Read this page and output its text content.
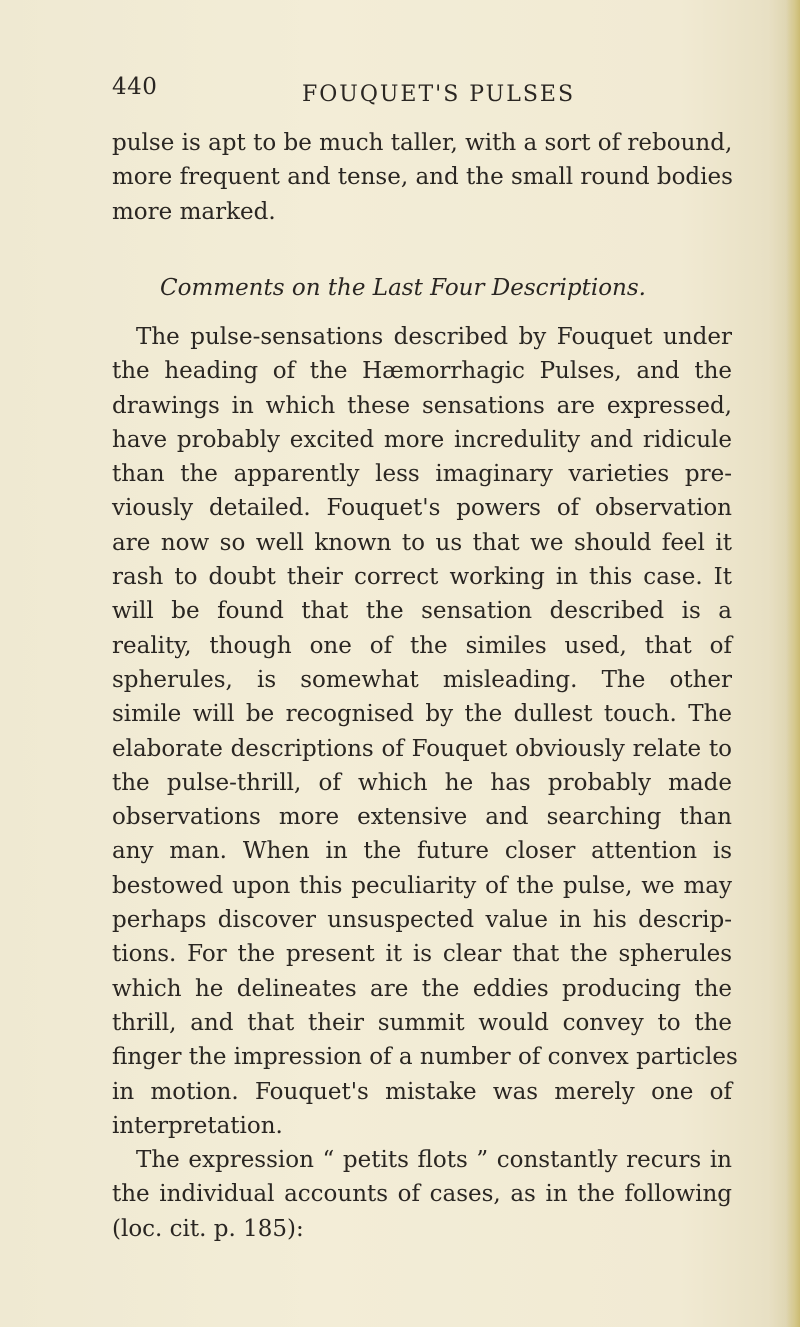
440	FOUQUET'S PULSES
pulse is apt to be much taller, with a sort of rebound,
more frequent and tense, and the small round bodies
more marked.
Comments on the Last Four Descriptions.
The pulse-sensations described by Fouquet under
the heading of the Hæmorrhagic Pulses, and the
drawings in which these sensations are expressed,
have probably excited more incredulity and ridicule
than the apparently less imaginary varieties pre-
viously detailed. Fouquet's powers of observation
are now so well known to us that we should feel it
rash to doubt their correct working in this case. It
will be found that the sensation described is a
reality, though one of the similes used, that of
spherules, is somewhat misleading. The other
simile will be recognised by the dullest touch. The
elaborate descriptions of Fouquet obviously relate to
the pulse-thrill, of which he has probably made
observations more extensive and searching than
any man. When in the future closer attention is
bestowed upon this peculiarity of the pulse, we may
perhaps discover unsuspected value in his descrip-
tions. For the present it is clear that the spherules
which he delineates are the eddies producing the
thrill, and that their summit would convey to the
finger the impression of a number of convex particles
in motion. Fouquet's mistake was merely one of
interpretation.
The expression “ petits flots ” constantly recurs in
the individual accounts of cases, as in the following
(loc. cit. p. 185):
